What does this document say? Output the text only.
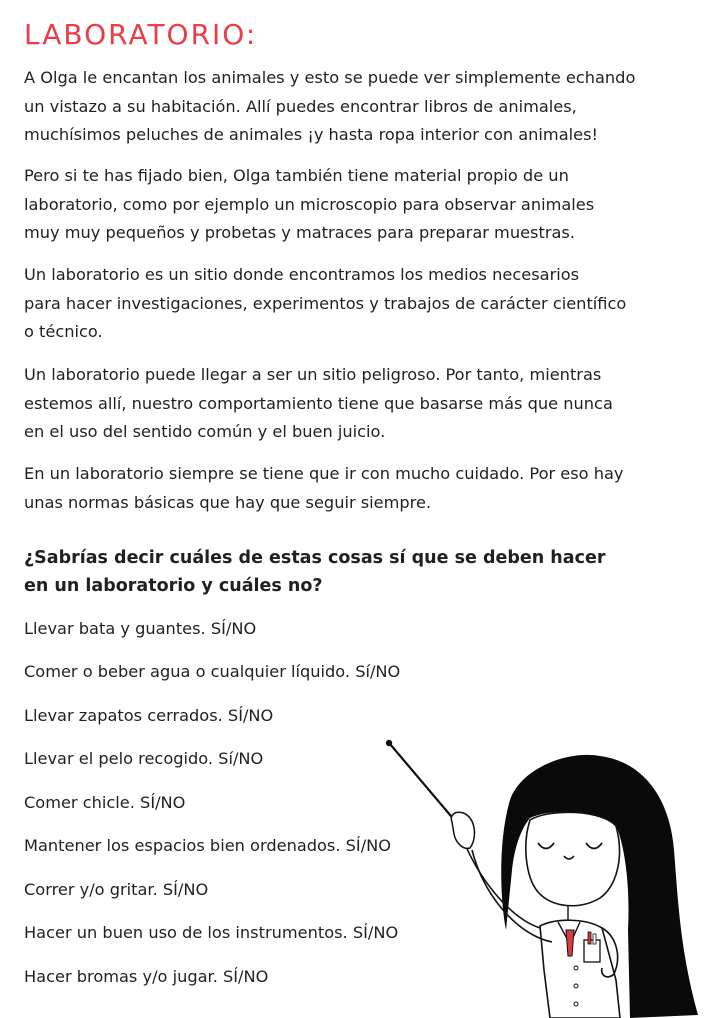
LABORATORIO:

A Olga le encantan los animales y esto se puede ver simplemente echando
un vistazo a su habitación. Allí puedes encontrar libros de animales,
muchísimos peluches de animales ¡y hasta ropa interior con animales!

Pero si te has fijado bien, Olga también tiene material propio de un
laboratorio, como por ejemplo un microscopio para observar animales
muy muy pequeños y probetas y matraces para preparar muestras.

Un laboratorio es un sitio donde encontramos los medios necesarios
para hacer investigaciones, experimentos y trabajos de carácter científico
o técnico.

Un laboratorio puede llegar a ser un sitio peligroso. Por tanto, mientras
estemos allí, nuestro comportamiento tiene que basarse más que nunca
en el uso del sentido común y el buen juicio.

En un laboratorio siempre se tiene que ir con mucho cuidado. Por eso hay
unas normas básicas que hay que seguir siempre.

¿Sabrías decir cuáles de estas cosas sí que se deben hacer
en un laboratorio y cuáles no?

Llevar bata y guantes. SÍ/NO

Comer o beber agua o cualquier líquido. Sí/NO

Llevar zapatos cerrados. SÍ/NO

Llevar el pelo recogido. Sí/NO

Comer chicle. SÍ/NO

Mantener los espacios bien ordenados. SÍ/NO

Correr y/o gritar. SÍ/NO

Hacer un buen uso de los instrumentos. SÍ/NO

Hacer bromas y/o jugar. SÍ/NO
